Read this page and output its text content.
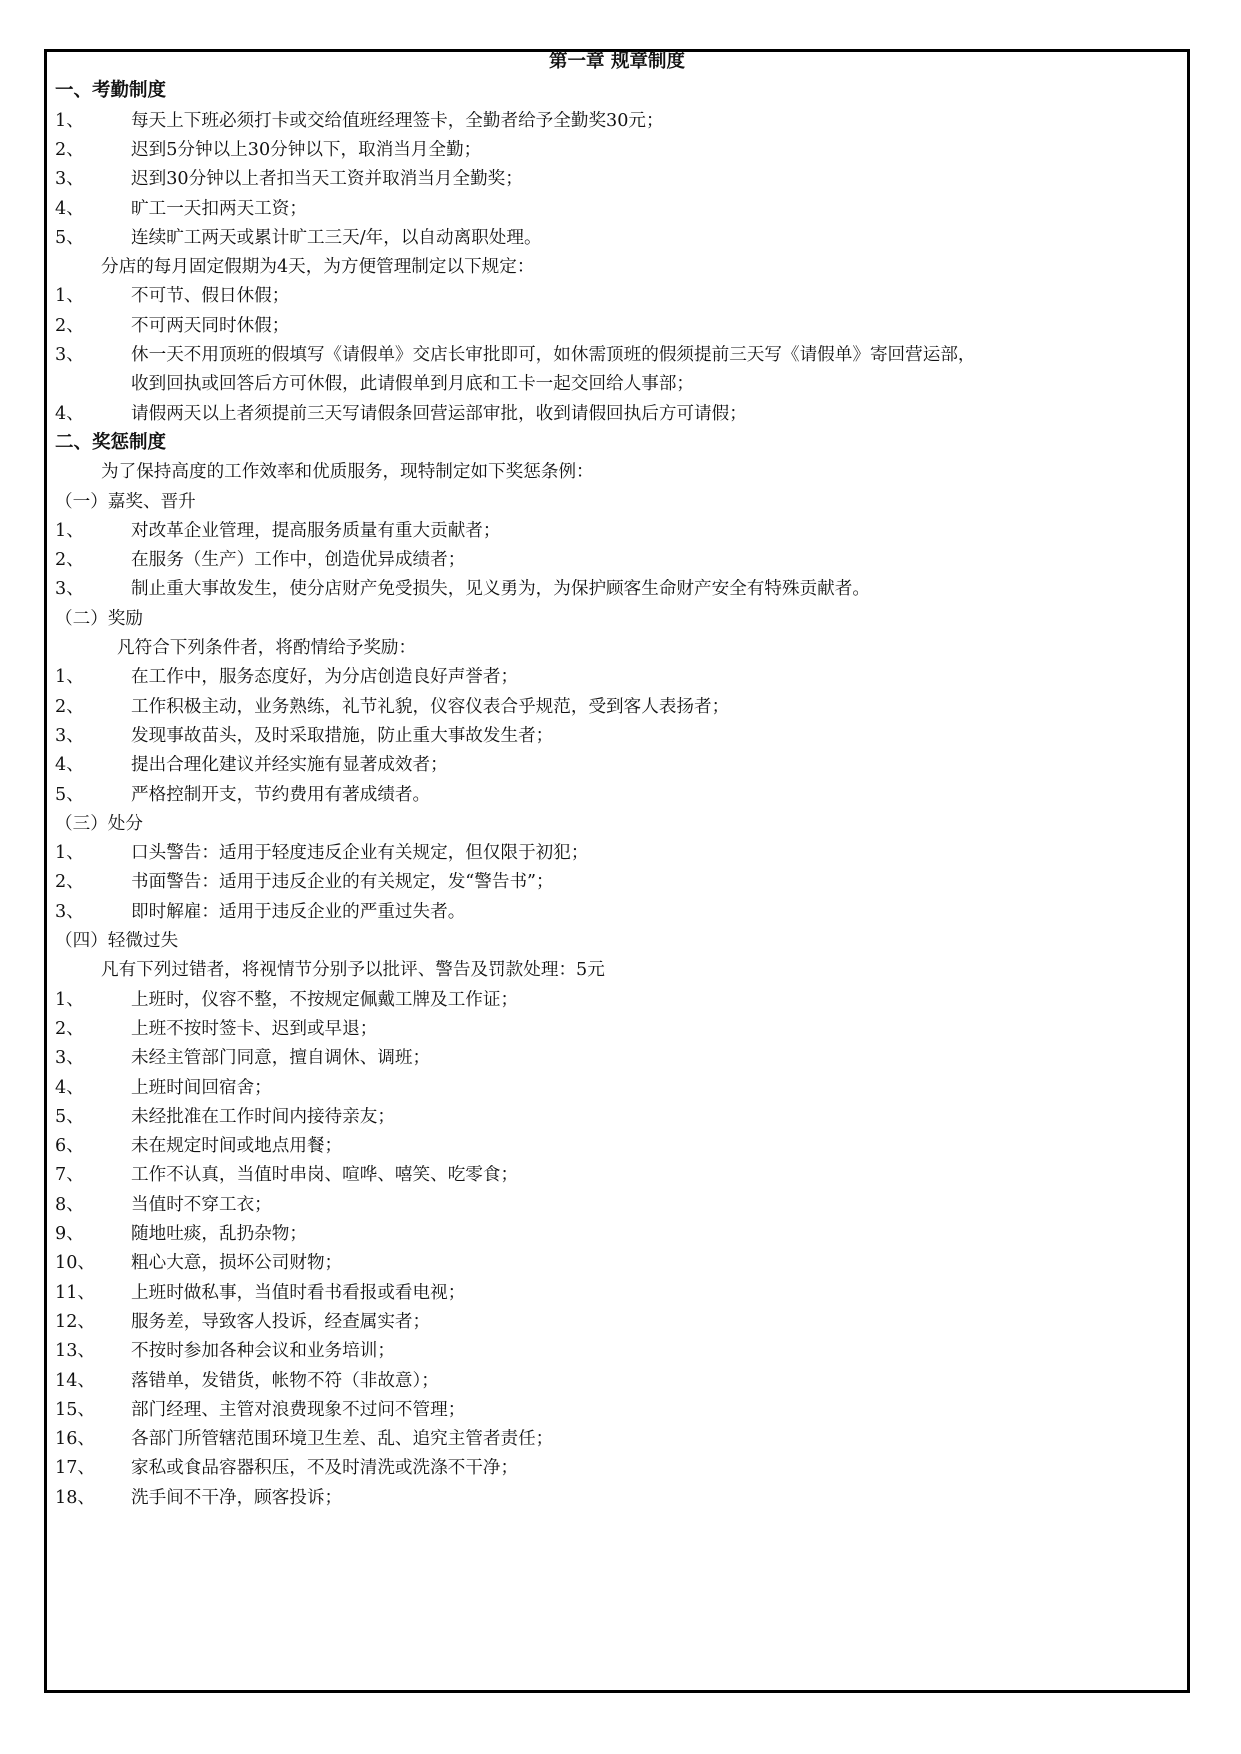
第一章 规章制度
一、考勤制度
1、	每天上下班必须打卡或交给值班经理签卡，全勤者给予全勤奖30元；
2、	迟到5分钟以上30分钟以下，取消当月全勤；
3、	迟到30分钟以上者扣当天工资并取消当月全勤奖；
4、	旷工一天扣两天工资；
5、	连续旷工两天或累计旷工三天/年，以自动离职处理。
分店的每月固定假期为4天，为方便管理制定以下规定：
1、	不可节、假日休假；
2、	不可两天同时休假；
3、	休一天不用顶班的假填写《请假单》交店长审批即可，如休需顶班的假须提前三天写《请假单》寄回营运部，
收到回执或回答后方可休假，此请假单到月底和工卡一起交回给人事部；
4、	请假两天以上者须提前三天写请假条回营运部审批，收到请假回执后方可请假；
二、奖惩制度
为了保持高度的工作效率和优质服务，现特制定如下奖惩条例：
（一）嘉奖、晋升
1、	对改革企业管理，提高服务质量有重大贡献者；
2、	在服务（生产）工作中，创造优异成绩者；
3、	制止重大事故发生，使分店财产免受损失，见义勇为，为保护顾客生命财产安全有特殊贡献者。
（二）奖励
凡符合下列条件者，将酌情给予奖励：
1、	在工作中，服务态度好，为分店创造良好声誉者；
2、	工作积极主动，业务熟练，礼节礼貌，仪容仪表合乎规范，受到客人表扬者；
3、	发现事故苗头，及时采取措施，防止重大事故发生者；
4、	提出合理化建议并经实施有显著成效者；
5、	严格控制开支，节约费用有著成绩者。
（三）处分
1、	口头警告：适用于轻度违反企业有关规定，但仅限于初犯；
2、	书面警告：适用于违反企业的有关规定，发“警告书”；
3、	即时解雇：适用于违反企业的严重过失者。
（四）轻微过失
凡有下列过错者，将视情节分别予以批评、警告及罚款处理：5元
1、	上班时，仪容不整，不按规定佩戴工牌及工作证；
2、	上班不按时签卡、迟到或早退；
3、	未经主管部门同意，擅自调休、调班；
4、	上班时间回宿舍；
5、	未经批准在工作时间内接待亲友；
6、	未在规定时间或地点用餐；
7、	工作不认真，当值时串岗、喧哗、嘻笑、吃零食；
8、	当值时不穿工衣；
9、	随地吐痰，乱扔杂物；
10、 粗心大意，损坏公司财物；
11、 上班时做私事，当值时看书看报或看电视；
12、 服务差，导致客人投诉，经查属实者；
13、 不按时参加各种会议和业务培训；
14、 落错单，发错货，帐物不符（非故意）；
15、 部门经理、主管对浪费现象不过问不管理；
16、 各部门所管辖范围环境卫生差、乱、追究主管者责任；
17、 家私或食品容器积压，不及时清洗或洗涤不干净；
18、 洗手间不干净，顾客投诉；
